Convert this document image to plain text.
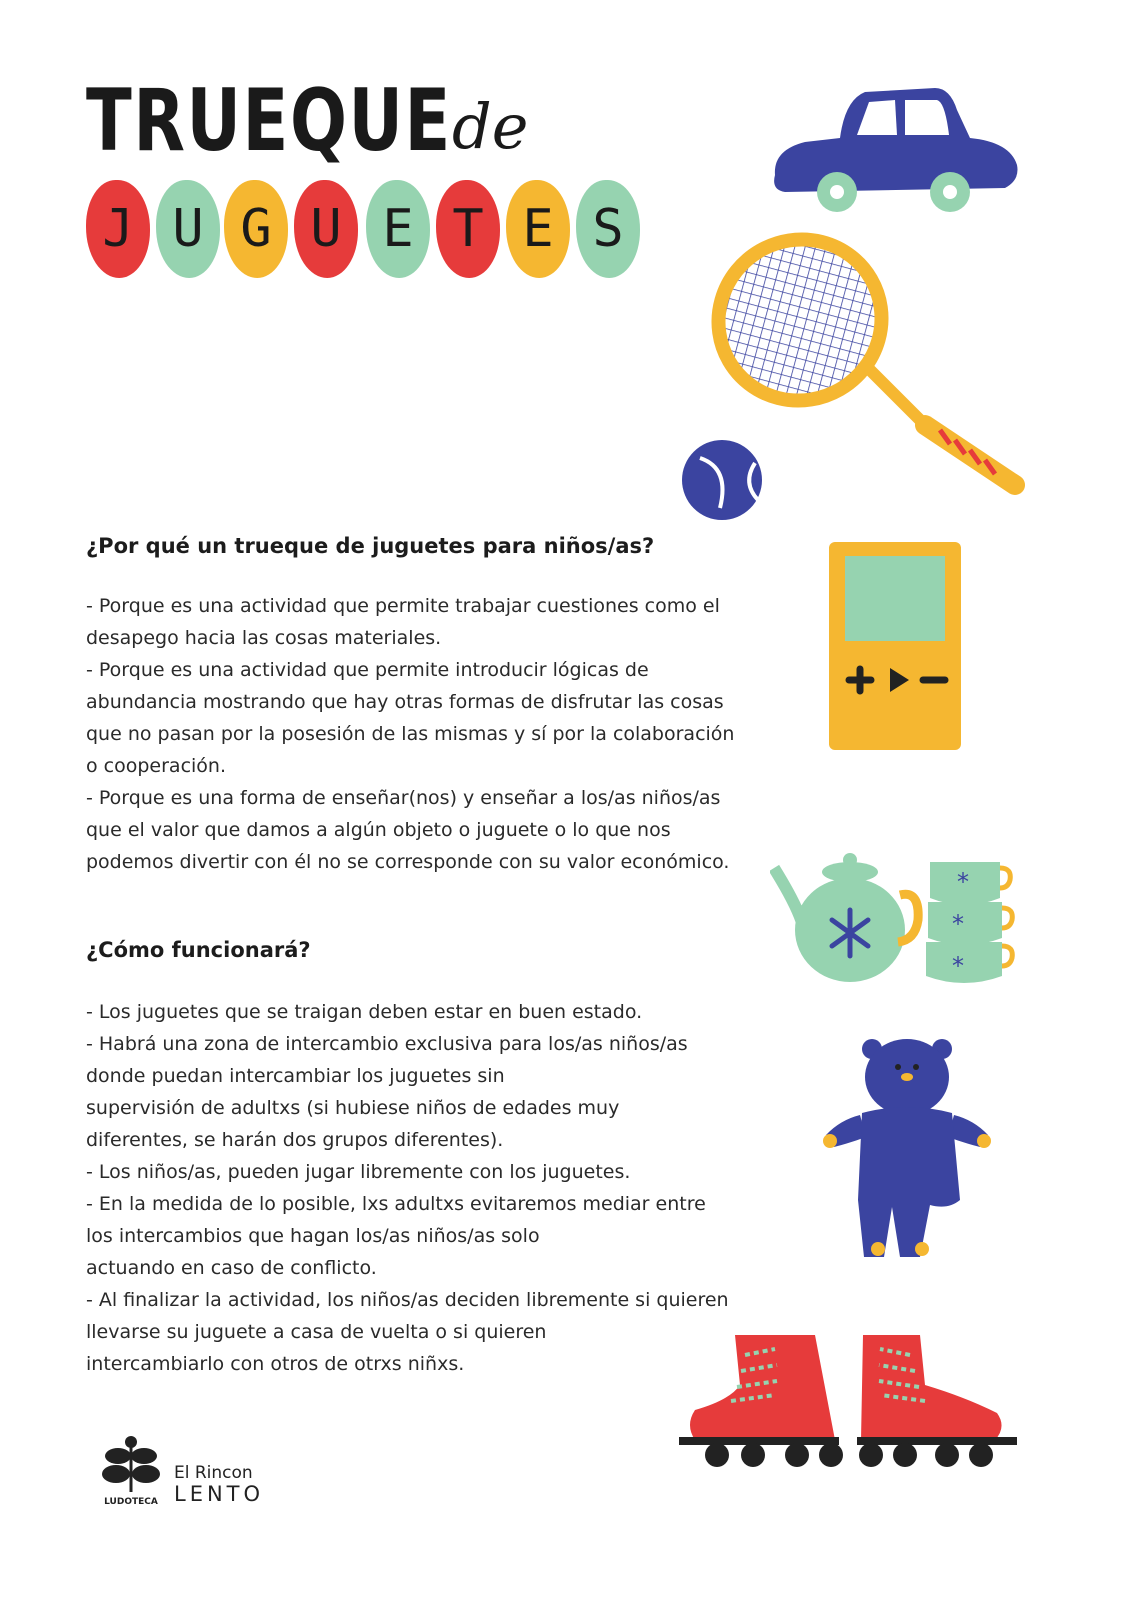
TRUEQUE de
J U G U E T E S
*
*
*
¿Por qué un trueque de juguetes para niños/as?

- Porque es una actividad que permite trabajar cuestiones como el

desapego hacia las cosas materiales.

- Porque es una actividad que permite introducir lógicas de

abundancia mostrando que hay otras formas de disfrutar las cosas

que no pasan por la posesión de las mismas y sí por la colaboración

o cooperación.

- Porque es una forma de enseñar(nos) y enseñar a los/as niños/as

que el valor que damos a algún objeto o juguete o lo que nos

podemos divertir con él no se corresponde con su valor económico.

¿Cómo funcionará?

- Los juguetes que se traigan deben estar en buen estado.

- Habrá una zona de intercambio exclusiva para los/as niños/as

donde puedan intercambiar los juguetes sin

supervisión de adultxs (si hubiese niños de edades muy

diferentes, se harán dos grupos diferentes).

- Los niños/as, pueden jugar libremente con los juguetes.

- En la medida de lo posible, lxs adultxs evitaremos mediar entre

los intercambios que hagan los/as niños/as solo

actuando en caso de conflicto.

- Al finalizar la actividad, los niños/as deciden libremente si quieren

llevarse su juguete a casa de vuelta o si quieren

intercambiarlo con otros de otrxs niñxs.

LUDOTECA
El Rincon
LENTO
